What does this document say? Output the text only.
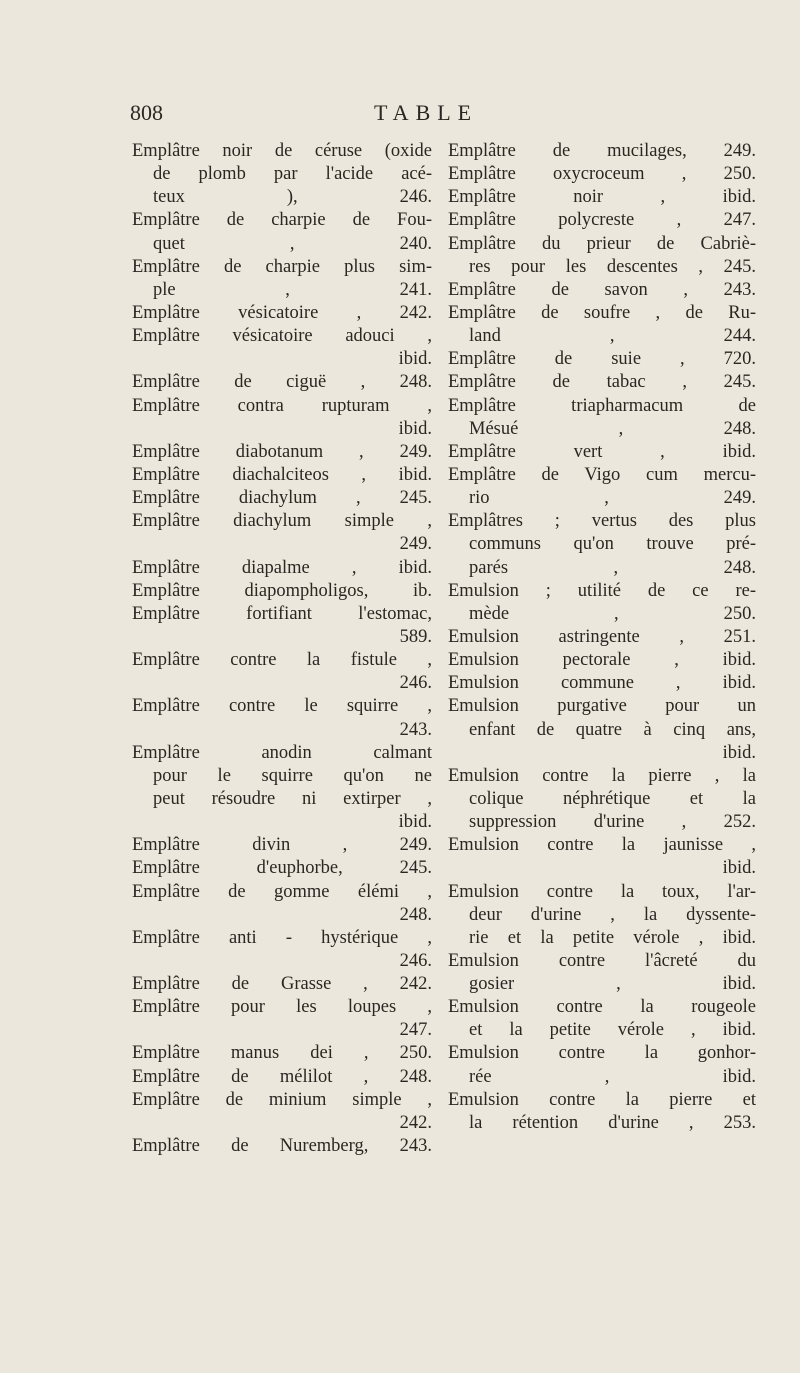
808	TABLE
Emplâtre noir de céruse (oxide
de plomb par l'acide acé-
teux ), 246.
Emplâtre de charpie de Fou-
quet , 240.
Emplâtre de charpie plus sim-
ple , 241.
Emplâtre vésicatoire , 242.
Emplâtre vésicatoire adouci ,
ibid.
Emplâtre de ciguë , 248.
Emplâtre contra rupturam ,
ibid.
Emplâtre diabotanum , 249.
Emplâtre diachalciteos , ibid.
Emplâtre diachylum , 245.
Emplâtre diachylum simple ,
249.
Emplâtre diapalme , ibid.
Emplâtre diapompholigos, ib.
Emplâtre fortifiant l'estomac,
589.
Emplâtre contre la fistule ,
246.
Emplâtre contre le squirre ,
243.
Emplâtre anodin calmant
pour le squirre qu'on ne
peut résoudre ni extirper ,
ibid.
Emplâtre divin , 249.
Emplâtre d'euphorbe, 245.
Emplâtre de gomme élémi ,
248.
Emplâtre anti - hystérique ,
246.
Emplâtre de Grasse , 242.
Emplâtre pour les loupes ,
247.
Emplâtre manus dei , 250.
Emplâtre de mélilot , 248.
Emplâtre de minium simple ,
242.
Emplâtre de Nuremberg, 243.
Emplâtre de mucilages, 249.
Emplâtre oxycroceum , 250.
Emplâtre noir , ibid.
Emplâtre polycreste , 247.
Emplâtre du prieur de Cabriè-
res pour les descentes , 245.
Emplâtre de savon , 243.
Emplâtre de soufre , de Ru-
land , 244.
Emplâtre de suie , 720.
Emplâtre de tabac , 245.
Emplâtre triapharmacum de
Mésué , 248.
Emplâtre vert , ibid.
Emplâtre de Vigo cum mercu-
rio , 249.
Emplâtres ; vertus des plus
communs qu'on trouve pré-
parés , 248.
Emulsion ; utilité de ce re-
mède , 250.
Emulsion astringente , 251.
Emulsion pectorale , ibid.
Emulsion commune , ibid.
Emulsion purgative pour un
enfant de quatre à cinq ans,
ibid.
Emulsion contre la pierre , la
colique néphrétique et la
suppression d'urine , 252.
Emulsion contre la jaunisse ,
ibid.
Emulsion contre la toux, l'ar-
deur d'urine , la dyssente-
rie et la petite vérole , ibid.
Emulsion contre l'âcreté du
gosier , ibid.
Emulsion contre la rougeole
et la petite vérole , ibid.
Emulsion contre la gonhor-
rée , ibid.
Emulsion contre la pierre et
la rétention d'urine , 253.
